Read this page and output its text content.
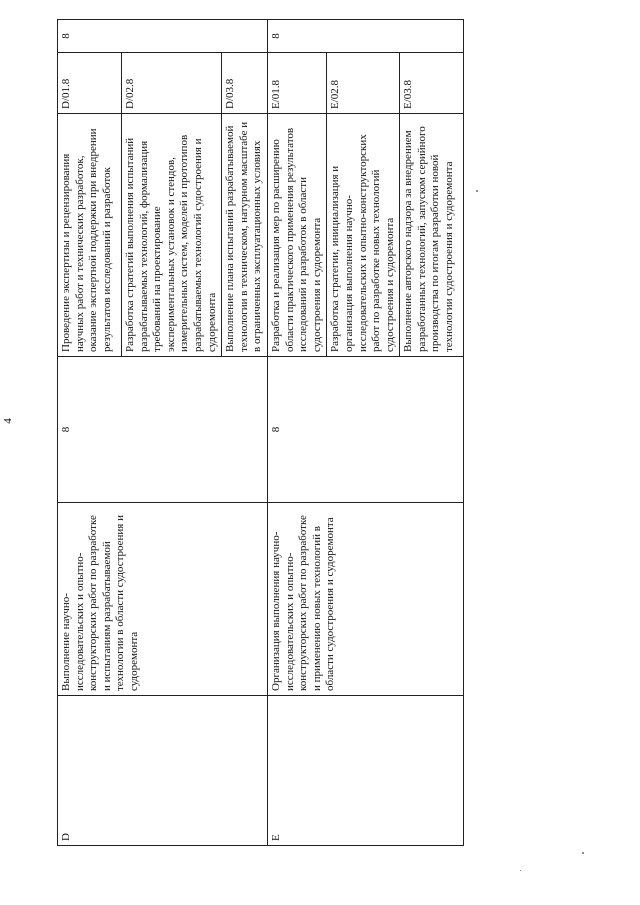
4
D	Выполнение научно-исследовательских и опытно-конструкторских работ по разработке и испытаниям разрабатываемой технологии в области судостроения и судоремонта	8	Проведение экспертизы и рецензирования научных работ и технических разработок, оказание экспертной поддержки при внедрении результатов исследований и разработок	D/01.8	8

			Разработка стратегий выполнения испытаний разрабатываемых технологий, формализация требований на проектирование экспериментальных установок и стендов, измерительных систем, моделей и прототипов разрабатываемых технологий судостроения и судоремонта	D/02.8	

			Выполнение плана испытаний разрабатываемой технологии в техническом, натурном масштабе и в ограниченных эксплуатационных условиях	D/03.8	

E	Организация выполнения научно-исследовательских и опытно-конструкторских работ по разработке и применению новых технологий в области судостроения и судоремонта	8	Разработка и реализация мер по расширению области практического применения результатов исследований и разработок в области судостроения и судоремонта	E/01.8	8

			Разработка стратегии, инициализация и организация выполнения научно-исследовательских и опытно-конструкторских работ по разработке новых технологий судостроения и судоремонта	E/02.8	

			Выполнение авторского надзора за внедрением разработанных технологий, запуском серийного производства по итогам разработки новой технологии судостроения и судоремонта	E/03.8	
